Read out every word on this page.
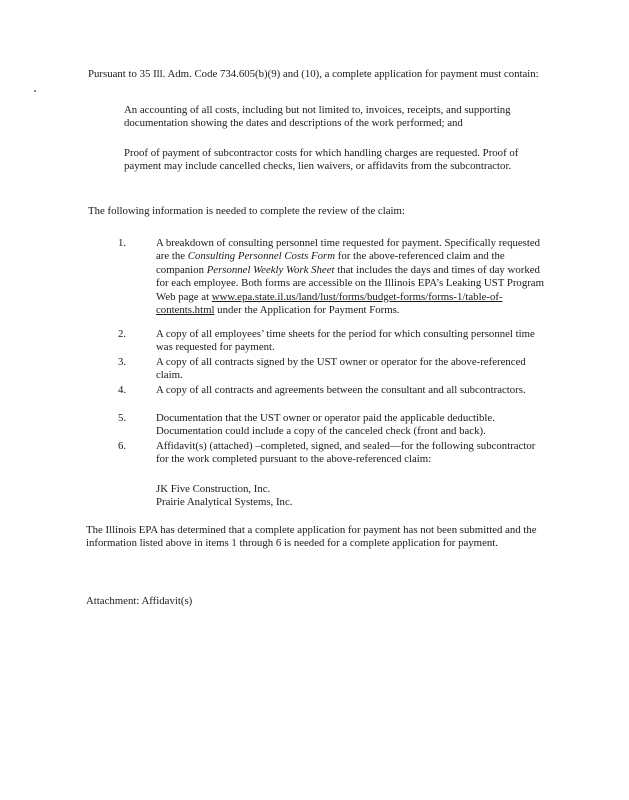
Pursuant to 35 Ill. Adm. Code 734.605(b)(9) and (10), a complete application for payment must contain:

An accounting of all costs, including but not limited to, invoices, receipts, and supporting documentation showing the dates and descriptions of the work performed; and

Proof of payment of subcontractor costs for which handling charges are requested. Proof of payment may include cancelled checks, lien waivers, or affidavits from the subcontractor.

The following information is needed to complete the review of the claim:

1.	A breakdown of consulting personnel time requested for payment. Specifically requested are the Consulting Personnel Costs Form for the above-referenced claim and the companion Personnel Weekly Work Sheet that includes the days and times of day worked for each employee. Both forms are accessible on the Illinois EPA’s Leaking UST Program Web page at www.epa.state.il.us/land/lust/forms/budget-forms/forms-1/table-of-contents.html under the Application for Payment Forms.
2.	A copy of all employees’ time sheets for the period for which consulting personnel time was requested for payment.
3.	A copy of all contracts signed by the UST owner or operator for the above-referenced claim.
4.	A copy of all contracts and agreements between the consultant and all subcontractors.
5.	Documentation that the UST owner or operator paid the applicable deductible. Documentation could include a copy of the canceled check (front and back).
6.	Affidavit(s) (attached) –completed, signed, and sealed—for the following subcontractor for the work completed pursuant to the above-referenced claim:

JK Five Construction, Inc.

Prairie Analytical Systems, Inc.

The Illinois EPA has determined that a complete application for payment has not been submitted and the information listed above in items 1 through 6 is needed for a complete application for payment.

Attachment: Affidavit(s)
